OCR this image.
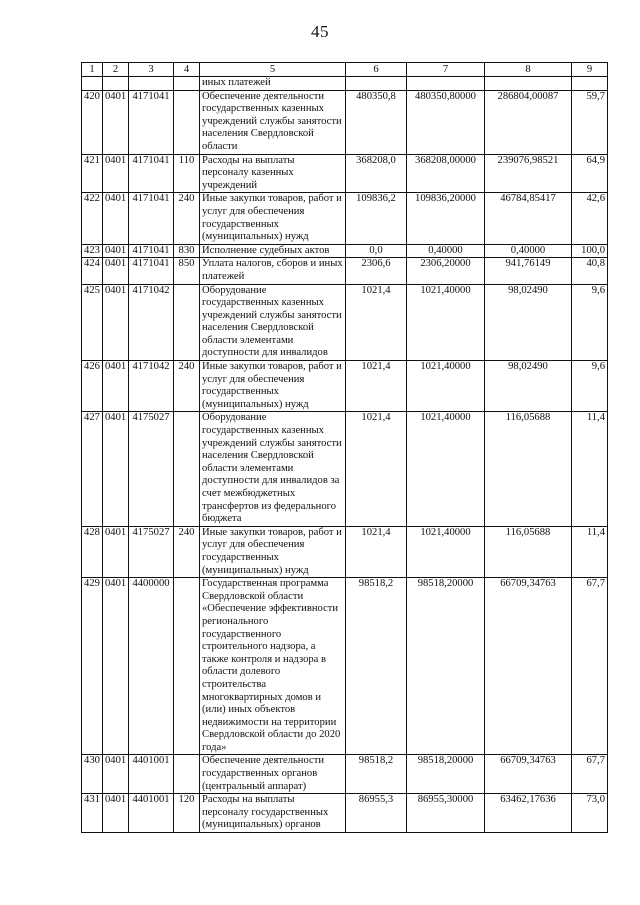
45
1	2	3	4	5	6	7	8	9
				иных платежей				
420	0401	4171041		Обеспечение деятельности государственных казенных учреждений службы занятости населения Свердловской области	480350,8	480350,80000	286804,00087	59,7
421	0401	4171041	110	Расходы на выплаты персоналу казенных учреждений	368208,0	368208,00000	239076,98521	64,9
422	0401	4171041	240	Иные закупки товаров, работ и услуг для обеспечения государственных (муниципальных) нужд	109836,2	109836,20000	46784,85417	42,6
423	0401	4171041	830	Исполнение судебных актов	0,0	0,40000	0,40000	100,0
424	0401	4171041	850	Уплата налогов, сборов и иных платежей	2306,6	2306,20000	941,76149	40,8
425	0401	4171042		Оборудование государственных казенных учреждений службы занятости населения Свердловской области элементами доступности для инвалидов	1021,4	1021,40000	98,02490	9,6
426	0401	4171042	240	Иные закупки товаров, работ и услуг для обеспечения государственных (муниципальных) нужд	1021,4	1021,40000	98,02490	9,6
427	0401	4175027		Оборудование государственных казенных учреждений службы занятости населения Свердловской области элементами доступности для инвалидов за счет межбюджетных трансфертов из федерального бюджета	1021,4	1021,40000	116,05688	11,4
428	0401	4175027	240	Иные закупки товаров, работ и услуг для обеспечения государственных (муниципальных) нужд	1021,4	1021,40000	116,05688	11,4
429	0401	4400000		Государственная программа Свердловской области «Обеспечение эффективности регионального государственного строительного надзора, а также контроля и надзора в области долевого строительства многоквартирных домов и (или) иных объектов недвижимости на территории Свердловской области до 2020 года»	98518,2	98518,20000	66709,34763	67,7
430	0401	4401001		Обеспечение деятельности государственных органов (центральный аппарат)	98518,2	98518,20000	66709,34763	67,7
431	0401	4401001	120	Расходы на выплаты персоналу государственных (муниципальных) органов	86955,3	86955,30000	63462,17636	73,0
